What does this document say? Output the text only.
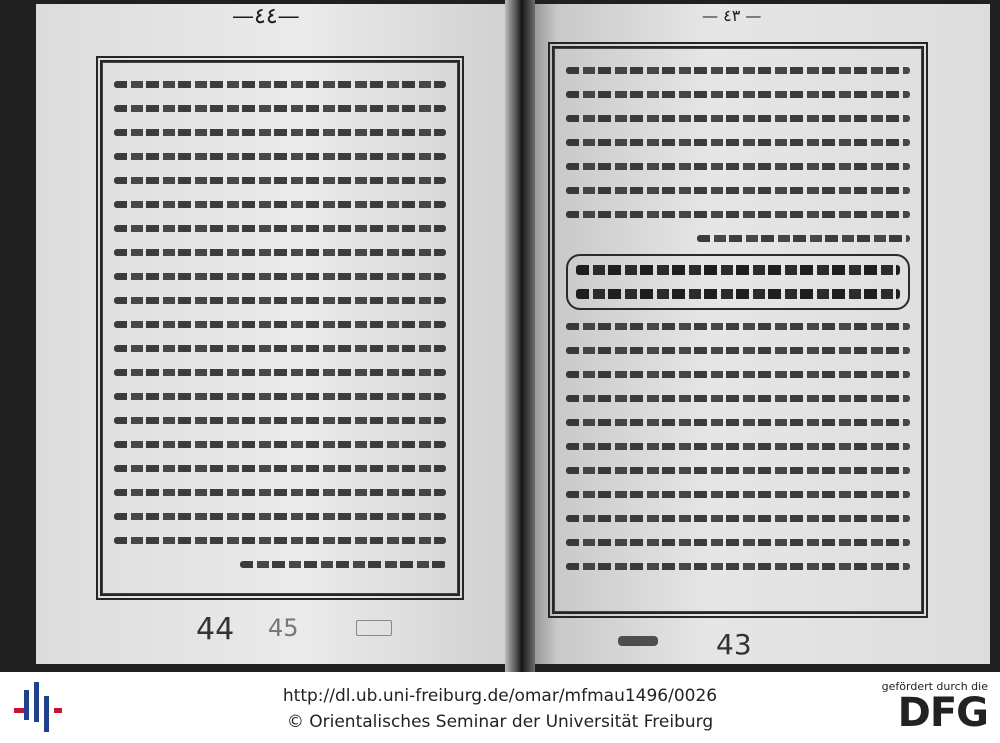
—٤٤—	— ٤٣ —
44 45	43
http://dl.ub.uni-freiburg.de/omar/mfmau1496/0026
© Orientalisches Seminar der Universität Freiburg
gefördert durch die
DFG
